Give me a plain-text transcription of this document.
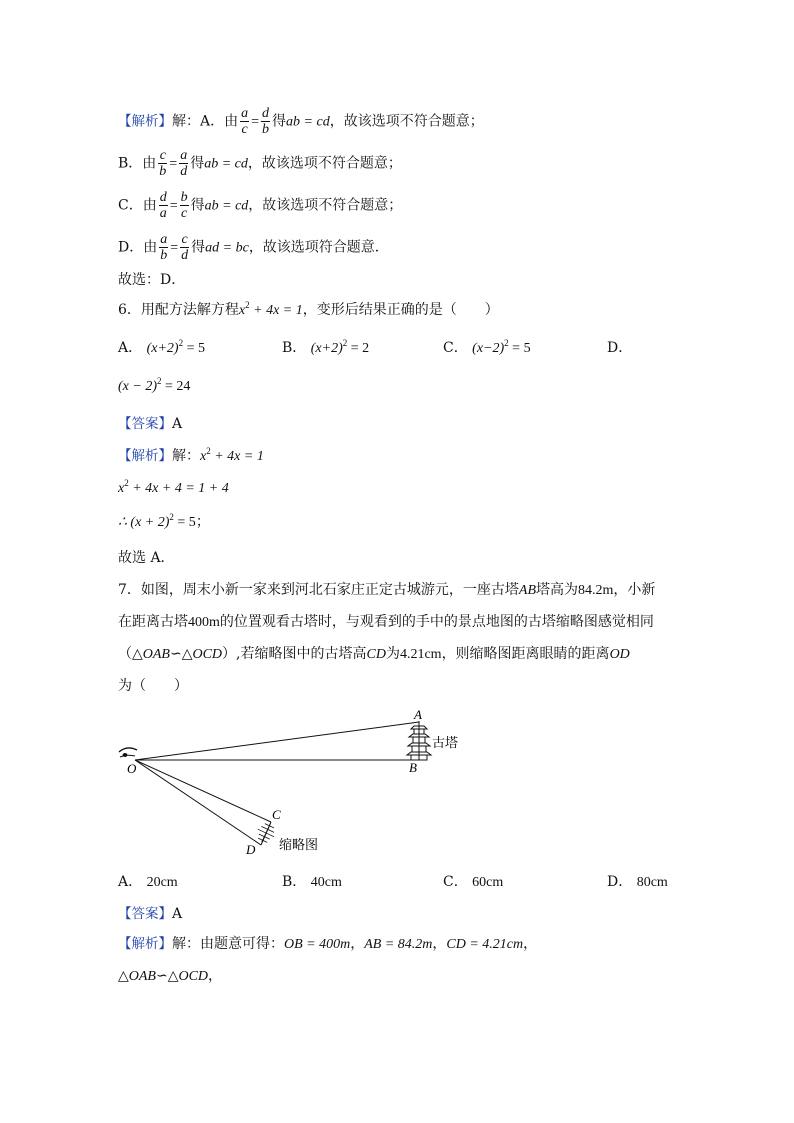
【解析】解：A．由 $\frac{a}{c} = \frac{d}{b}$ 得ab = cd，故该选项不符合题意；
B．由 $\frac{c}{b} = \frac{a}{d}$ 得ab = cd，故该选项不符合题意；
C．由 $\frac{d}{a} = \frac{b}{c}$ 得ab = cd，故该选项不符合题意；
D．由 $\frac{a}{b} = \frac{c}{d}$ 得ad = bc，故该选项符合题意．
故选：D．
6．用配方法解方程$x^2 + 4x = 1$，变形后结果正确的是（　　）
A． $(x+2)^2 = 5$	B． $(x+2)^2 = 2$	C． $(x-2)^2 = 5$	D．
$(x - 2)^2 = 24$
【答案】A
【解析】解：$x^2 + 4x = 1$
$x^2 + 4x + 4 = 1 + 4$
∴ $(x + 2)^2 = 5$；
故选 A．
7．如图，周末小新一家来到河北石家庄正定古城游元，一座古塔AB塔高为84.2m，小新
在距离古塔400m的位置观看古塔时，与观看到的手中的景点地图的古塔缩略图感觉相同
（△OAB∽△OCD）,若缩略图中的古塔高CD为4.21cm，则缩略图距离眼睛的距离OD
为（　　）
O
A
B
C
D
古塔
缩略图
A． 20cm	B． 40cm	C． 60cm	D． 80cm
【答案】A
【解析】解：由题意可得：OB = 400m，AB = 84.2m，CD = 4.21cm，
△OAB∽△OCD，
